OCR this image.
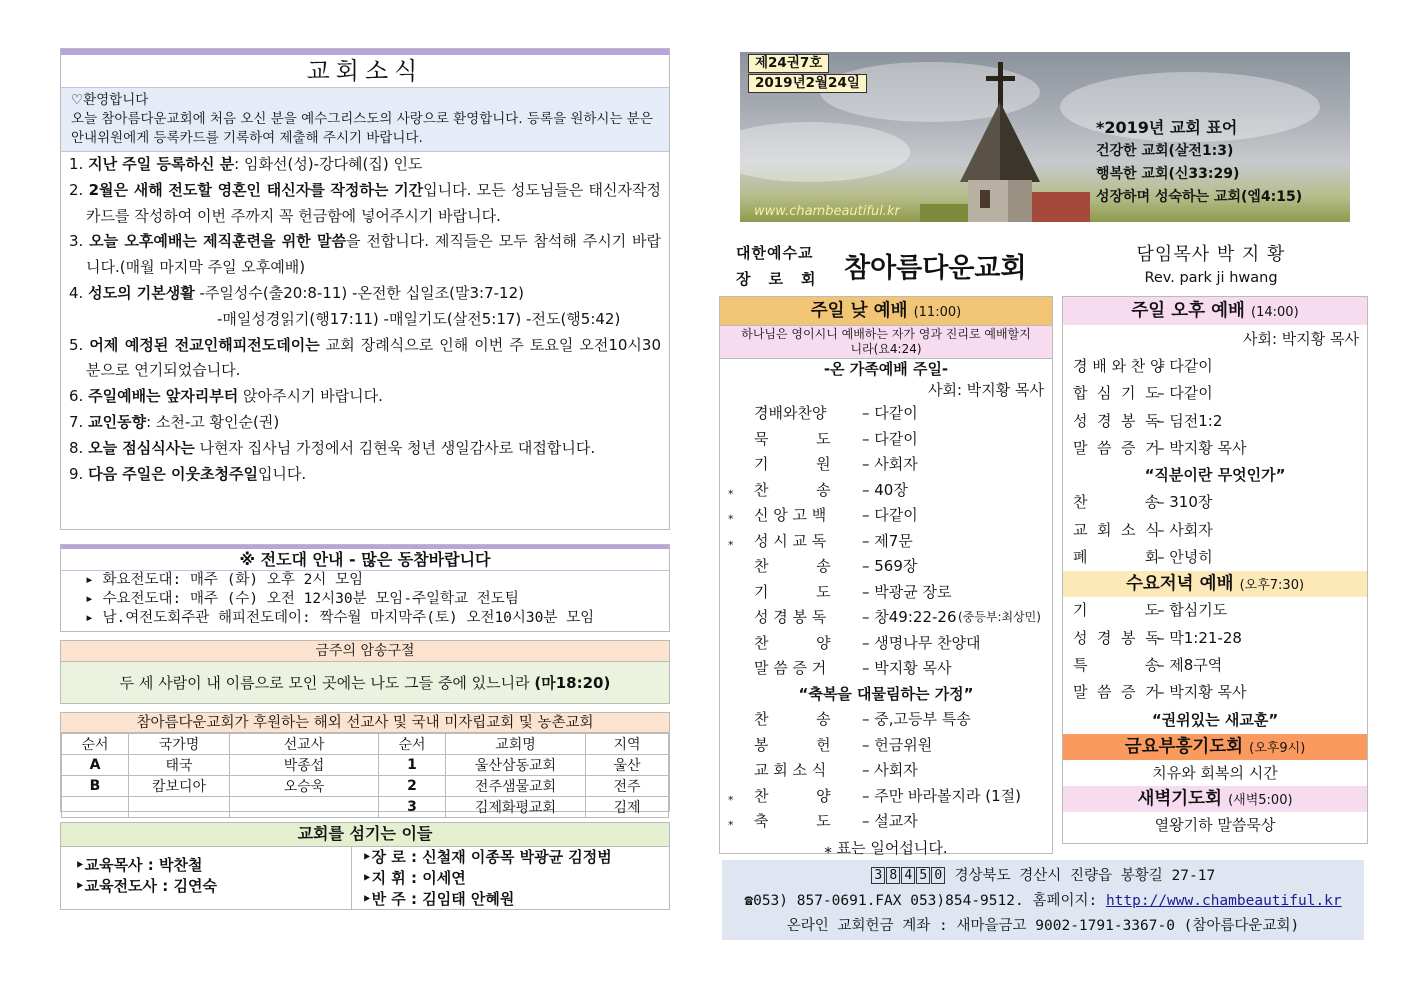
교회소식
♡환영합니다
오늘 참아름다운교회에 처음 오신 분을 예수그리스도의 사랑으로 환영합니다. 등록을 원하시는 분은 안내위원에게 등록카드를 기록하여 제출해 주시기 바랍니다.
1. 지난 주일 등록하신 분: 임화선(성)-강다혜(집) 인도
2. 2월은 새해 전도할 영혼인 태신자를 작정하는 기간입니다. 모든 성도님들은 태신자작정카드를 작성하여 이번 주까지 꼭 헌금함에 넣어주시기 바랍니다.
3. 오늘 오후예배는 제직훈련을 위한 말씀을 전합니다. 제직들은 모두 참석해 주시기 바랍니다.(매월 마지막 주일 오후예배)
4. 성도의 기본생활 -주일성수(출20:8-11) -온전한 십일조(말3:7-12)
-매일성경읽기(행17:11) -매일기도(살전5:17) -전도(행5:42)
5. 어제 예정된 전교인해피전도데이는 교회 장례식으로 인해 이번 주 토요일 오전10시30분으로 연기되었습니다.
6. 주일예배는 앞자리부터 앉아주시기 바랍니다.
7. 교인동향: 소천-고 황인순(권)
8. 오늘 점심식사는 나현자 집사님 가정에서 김현욱 청년 생일감사로 대접합니다.
9. 다음 주일은 이웃초청주일입니다.
※ 전도대 안내 - 많은 동참바랍니다
▸ 화요전도대: 매주 (화) 오후 2시 모임
▸ 수요전도대: 매주 (수) 오전 12시30분 모임-주일학교 전도팀
▸ 남.여전도회주관 해피전도데이: 짝수월 마지막주(토) 오전10시30분 모임
금주의 암송구절
두 세 사람이 내 이름으로 모인 곳에는 나도 그들 중에 있느니라 (마18:20)
참아름다운교회가 후원하는 해외 선교사 및 국내 미자립교회 및 농촌교회
순서	국가명	선교사	순서	교회명	지역
A	태국	박종섭	1	울산삼동교회	울산
B	캄보디아	오승욱	2	전주샘물교회	전주
			3	김제화평교회	김제
교회를 섬기는 이들
‣교육목사 : 박찬철
‣교육전도사 : 김연숙
‣장 로 : 신철재 이종목 박광균 김정범
‣지 휘 : 이세연
‣반 주 : 김임태 안혜원
제24권7호
2019년2월24일
www.chambeautiful.kr
*2019년 교회 표어
건강한 교회(살전1:3)
행복한 교회(신33:29)
성장하며 성숙하는 교회(엡4:15)
대한예수교
장로회 참아름다운교회	담임목사 박 지 황
Rev. park ji hwang
주일 낮 예배 (11:00)
하나님은 영이시니 예배하는 자가 영과 진리로 예배할지니라(요4:24)
-온 가족예배 주일-
사회: 박지황 목사
경배와찬양 – 다같이
묵          도 – 다같이
기          원 – 사회자
⁎ 찬          송 – 40장
⁎ 신 앙 고 백 – 다같이
⁎ 성 시 교 독 – 제7문
찬          송 – 569장
기          도 – 박광균 장로
성 경 봉 독 – 창49:22-26 (중등부:최상민)
찬          양 – 생명나무 찬양대
말 씀 증 거 – 박지황 목사
“축복을 대물림하는 가정”
찬          송 – 중,고등부 특송
봉          헌 – 헌금위원
교 회 소 식 – 사회자
⁎ 찬          양 – 주만 바라볼지라 (1절)
⁎ 축          도 – 설교자
⁎ 표는 일어섭니다.
주일 오후 예배 (14:00)
사회: 박지황 목사
경 배 와 찬 양
– 다같이
합  심  기  도
– 다같이
성  경  봉  독
– 딤전1:2
말  씀  증  거
– 박지황 목사
“직분이란 무엇인가”
찬            송
– 310장
교  회  소  식
– 사회자
폐            회
– 안녕히
수요저녁 예배 (오후7:30)
기            도
– 합심기도
성  경  봉  독
– 막1:21-28
특            송
– 제8구역
말  씀  증  거
– 박지황 목사
“권위있는 새교훈”
금요부흥기도회 (오후9시)
치유와 회복의 시간
새벽기도회 (새벽5:00)
열왕기하 말씀묵상
3 8 4 5 0 경상북도 경산시 진량읍 봉황길 27-17
☎053) 857-0691.FAX 053)854-9512. 홈페이지: http://www.chambeautiful.kr
온라인 교회헌금 계좌 : 새마을금고 9002-1791-3367-0 (참아름다운교회)
